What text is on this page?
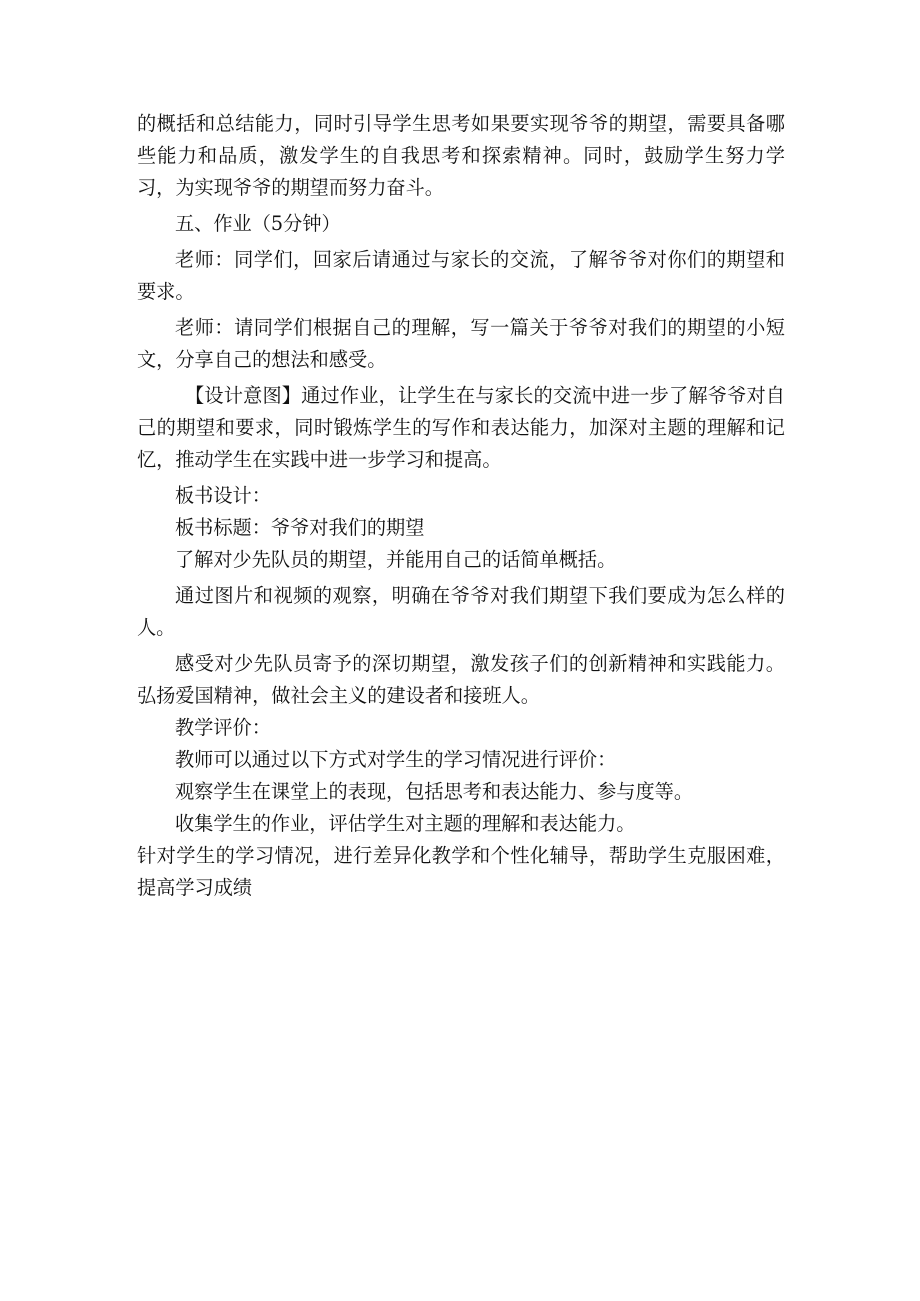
的概括和总结能力，同时引导学生思考如果要实现爷爷的期望，需要具备哪些能力和品质，激发学生的自我思考和探索精神。同时，鼓励学生努力学习，为实现爷爷的期望而努力奋斗。

五、作业（5分钟）

老师：同学们，回家后请通过与家长的交流，了解爷爷对你们的期望和要求。

老师：请同学们根据自己的理解，写一篇关于爷爷对我们的期望的小短文，分享自己的想法和感受。

【设计意图】通过作业，让学生在与家长的交流中进一步了解爷爷对自己的期望和要求，同时锻炼学生的写作和表达能力，加深对主题的理解和记忆，推动学生在实践中进一步学习和提高。

板书设计：

板书标题：爷爷对我们的期望

了解对少先队员的期望，并能用自己的话简单概括。

通过图片和视频的观察，明确在爷爷对我们期望下我们要成为怎么样的人。

感受对少先队员寄予的深切期望，激发孩子们的创新精神和实践能力。弘扬爱国精神，做社会主义的建设者和接班人。

教学评价：

教师可以通过以下方式对学生的学习情况进行评价：

观察学生在课堂上的表现，包括思考和表达能力、参与度等。

收集学生的作业，评估学生对主题的理解和表达能力。

针对学生的学习情况，进行差异化教学和个性化辅导，帮助学生克服困难，提高学习成绩
